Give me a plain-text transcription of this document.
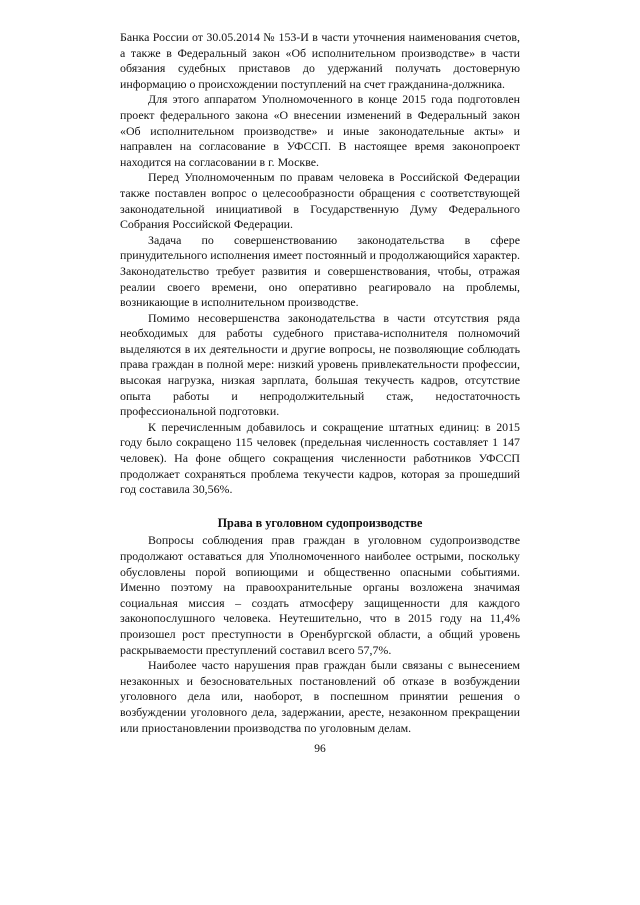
Банка России от 30.05.2014 № 153-И в части уточнения наименования счетов, а также в Федеральный закон «Об исполнительном производстве» в части обязания судебных приставов до удержаний получать достоверную информацию о происхождении поступлений на счет гражданина-должника.

Для этого аппаратом Уполномоченного в конце 2015 года подготовлен проект федерального закона «О внесении изменений в Федеральный закон «Об исполнительном производстве» и иные законодательные акты» и направлен на согласование в УФССП. В настоящее время законопроект находится на согласовании в г. Москве.

Перед Уполномоченным по правам человека в Российской Федерации также поставлен вопрос о целесообразности обращения с соответствующей законодательной инициативой в Государственную Думу Федерального Собрания Российской Федерации.

Задача по совершенствованию законодательства в сфере принудительного исполнения имеет постоянный и продолжающийся характер. Законодательство требует развития и совершенствования, чтобы, отражая реалии своего времени, оно оперативно реагировало на проблемы, возникающие в исполнительном производстве.

Помимо несовершенства законодательства в части отсутствия ряда необходимых для работы судебного пристава-исполнителя полномочий выделяются в их деятельности и другие вопросы, не позволяющие соблюдать права граждан в полной мере: низкий уровень привлекательности профессии, высокая нагрузка, низкая зарплата, большая текучесть кадров, отсутствие опыта работы и непродолжительный стаж, недостаточность профессиональной подготовки.

К перечисленным добавилось и сокращение штатных единиц: в 2015 году было сокращено 115 человек (предельная численность составляет 1 147 человек). На фоне общего сокращения численности работников УФССП продолжает сохраняться проблема текучести кадров, которая за прошедший год составила 30,56%.

Права в уголовном судопроизводстве

Вопросы соблюдения прав граждан в уголовном судопроизводстве продолжают оставаться для Уполномоченного наиболее острыми, поскольку обусловлены порой вопиющими и общественно опасными событиями. Именно поэтому на правоохранительные органы возложена значимая социальная миссия – создать атмосферу защищенности для каждого законопослушного человека. Неутешительно, что в 2015 году на 11,4% произошел рост преступности в Оренбургской области, а общий уровень раскрываемости преступлений составил всего 57,7%.

Наиболее часто нарушения прав граждан были связаны с вынесением незаконных и безосновательных постановлений об отказе в возбуждении уголовного дела или, наоборот, в поспешном принятии решения о возбуждении уголовного дела, задержании, аресте, незаконном прекращении или приостановлении производства по уголовным делам.

96
